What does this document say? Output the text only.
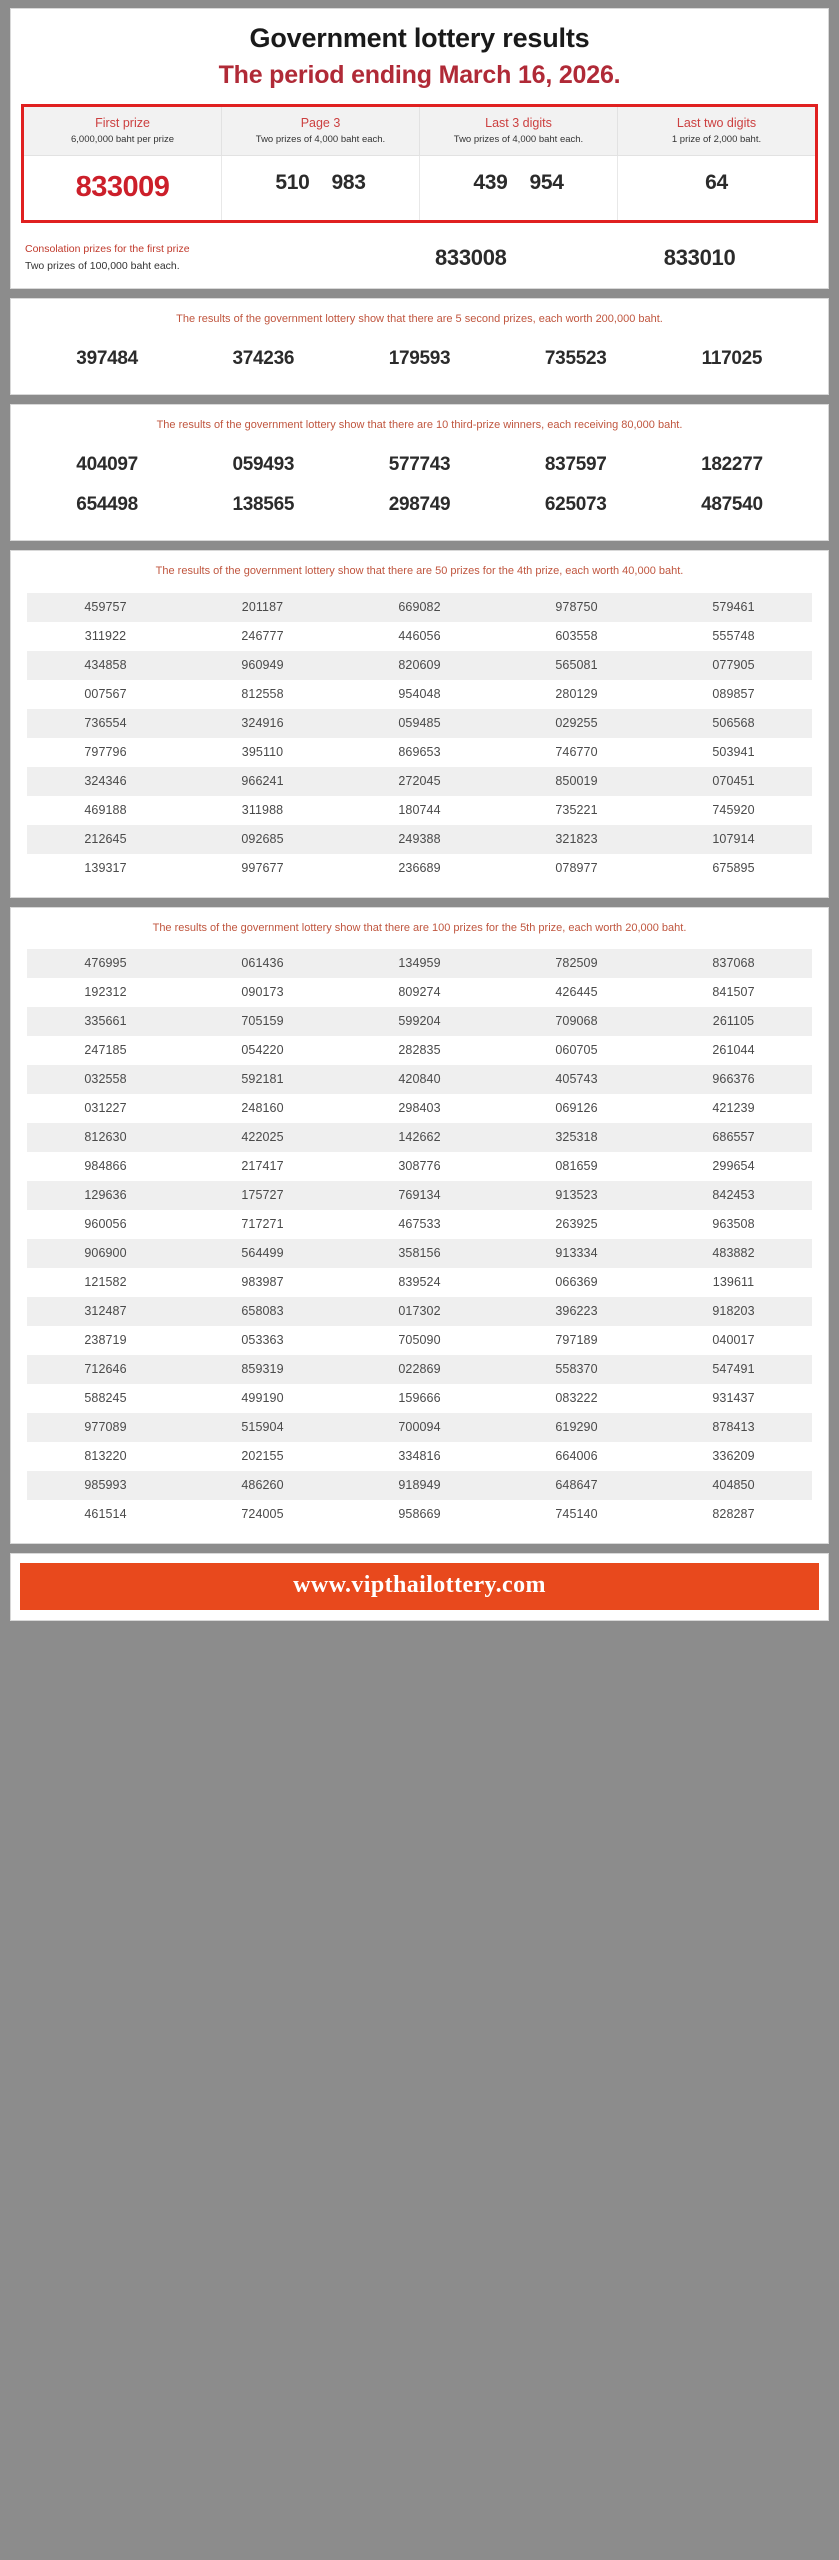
Government lottery results
The period ending March 16, 2026.
First prize
6,000,000 baht per prize
Page 3
Two prizes of 4,000 baht each.
Last 3 digits
Two prizes of 4,000 baht each.
Last two digits
1 prize of 2,000 baht.
833009	510 983	439 954	64
Consolation prizes for the first prize
Two prizes of 100,000 baht each.	833008	833010
The results of the government lottery show that there are 5 second prizes, each worth 200,000 baht.
397484	374236	179593	735523	117025
The results of the government lottery show that there are 10 third-prize winners, each receiving 80,000 baht.
404097	059493	577743	837597	182277
654498	138565	298749	625073	487540
The results of the government lottery show that there are 50 prizes for the 4th prize, each worth 40,000 baht.
459757	201187	669082	978750	579461
311922	246777	446056	603558	555748
434858	960949	820609	565081	077905
007567	812558	954048	280129	089857
736554	324916	059485	029255	506568
797796	395110	869653	746770	503941
324346	966241	272045	850019	070451
469188	311988	180744	735221	745920
212645	092685	249388	321823	107914
139317	997677	236689	078977	675895
The results of the government lottery show that there are 100 prizes for the 5th prize, each worth 20,000 baht.
476995	061436	134959	782509	837068
192312	090173	809274	426445	841507
335661	705159	599204	709068	261105
247185	054220	282835	060705	261044
032558	592181	420840	405743	966376
031227	248160	298403	069126	421239
812630	422025	142662	325318	686557
984866	217417	308776	081659	299654
129636	175727	769134	913523	842453
960056	717271	467533	263925	963508
906900	564499	358156	913334	483882
121582	983987	839524	066369	139611
312487	658083	017302	396223	918203
238719	053363	705090	797189	040017
712646	859319	022869	558370	547491
588245	499190	159666	083222	931437
977089	515904	700094	619290	878413
813220	202155	334816	664006	336209
985993	486260	918949	648647	404850
461514	724005	958669	745140	828287
www.vipthailottery.com
